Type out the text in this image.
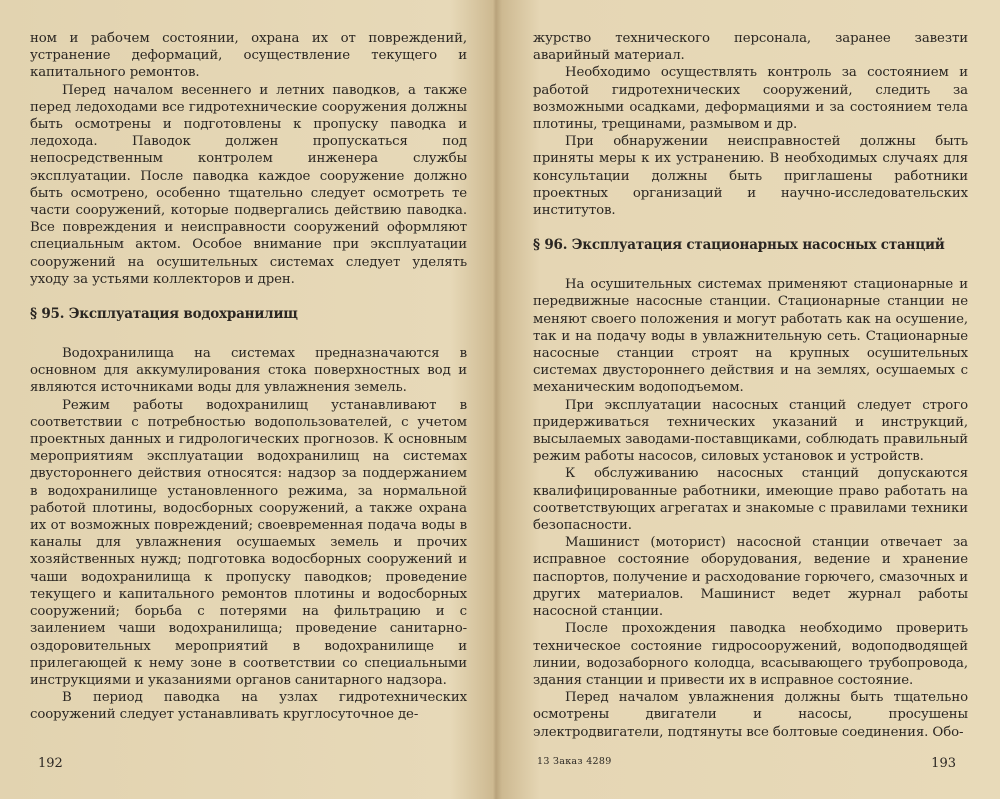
ном и рабочем состоянии, охрана их от повреждений, устранение деформаций, осуществление текущего и капитального ремонтов.

Перед началом весеннего и летних паводков, а также перед ледоходами все гидротехнические сооружения должны быть осмотрены и подготовлены к пропуску паводка и ледохода. Паводок должен пропускаться под непосредственным контролем инженера службы эксплуатации. После паводка каждое сооружение должно быть осмотрено, особенно тщательно следует осмотреть те части сооружений, которые подвергались действию паводка. Все повреждения и неисправности сооружений оформляют специальным актом. Особое внимание при эксплуатации сооружений на осушительных системах следует уделять уходу за устьями коллекторов и дрен.

§ 95. Эксплуатация водохранилищ

Водохранилища на системах предназначаются в основном для аккумулирования стока поверхностных вод и являются источниками воды для увлажнения земель.

Режим работы водохранилищ устанавливают в соответствии с потребностью водопользователей, с учетом проектных данных и гидрологических прогнозов. К основным мероприятиям эксплуатации водохранилищ на системах двустороннего действия относятся: надзор за поддержанием в водохранилище установленного режима, за нормальной работой плотины, водосборных сооружений, а также охрана их от возможных повреждений; своевременная подача воды в каналы для увлажнения осушаемых земель и прочих хозяйственных нужд; подготовка водосборных сооружений и чаши водохранилища к пропуску паводков; проведение текущего и капитального ремонтов плотины и водосборных сооружений; борьба с потерями на фильтрацию и с заилением чаши водохранилища; проведение санитарно-оздоровительных мероприятий в водохранилище и прилегающей к нему зоне в соответствии со специальными инструкциями и указаниями органов санитарного надзора.

В период паводка на узлах гидротехнических сооружений следует устанавливать круглосуточное де-

192

журство технического персонала, заранее завезти аварийный материал.

Необходимо осуществлять контроль за состоянием и работой гидротехнических сооружений, следить за возможными осадками, деформациями и за состоянием тела плотины, трещинами, размывом и др.

При обнаружении неисправностей должны быть приняты меры к их устранению. В необходимых случаях для консультации должны быть приглашены работники проектных организаций и научно-исследовательских институтов.

§ 96. Эксплуатация стационарных насосных станций

На осушительных системах применяют стационарные и передвижные насосные станции. Стационарные станции не меняют своего положения и могут работать как на осушение, так и на подачу воды в увлажнительную сеть. Стационарные насосные станции строят на крупных осушительных системах двустороннего действия и на землях, осушаемых с механическим водоподъемом.

При эксплуатации насосных станций следует строго придерживаться технических указаний и инструкций, высылаемых заводами-поставщиками, соблюдать правильный режим работы насосов, силовых установок и устройств.

К обслуживанию насосных станций допускаются квалифицированные работники, имеющие право работать на соответствующих агрегатах и знакомые с правилами техники безопасности.

Машинист (моторист) насосной станции отвечает за исправное состояние оборудования, ведение и хранение паспортов, получение и расходование горючего, смазочных и других материалов. Машинист ведет журнал работы насосной станции.

После прохождения паводка необходимо проверить техническое состояние гидросооружений, водоподводящей линии, водозаборного колодца, всасывающего трубопровода, здания станции и привести их в исправное состояние.

Перед началом увлажнения должны быть тщательно осмотрены двигатели и насосы, просушены электродвигатели, подтянуты все болтовые соединения. Обо-

13 Заказ 4289	193
